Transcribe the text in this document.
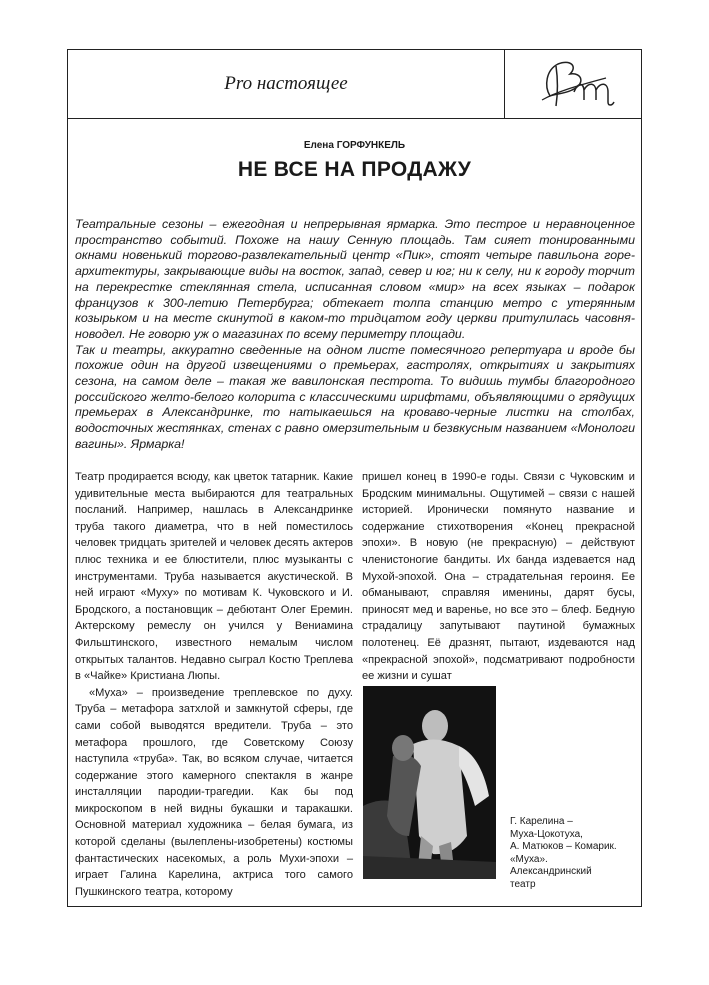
Pro настоящее
Елена ГОРФУНКЕЛЬ
НЕ ВСЕ НА ПРОДАЖУ

Театральные сезоны – ежегодная и непрерывная ярмарка. Это пестрое и неравноценное пространство событий. Похоже на нашу Сенную площадь. Там сияет тонированными окнами новенький торгово-развлекательный центр «Пик», стоят четыре павильона горе-архитектуры, закрывающие виды на восток, запад, север и юг; ни к селу, ни к городу торчит на перекрестке стеклянная стела, исписанная словом «мир» на всех языках – подарок французов к 300-летию Петербурга; обтекает толпа станцию метро с утерянным козырьком и на месте скинутой в каком-то тридцатом году церкви притулилась часовня-новодел. Не говорю уж о магазинах по всему периметру площади.

Так и театры, аккуратно сведенные на одном листе помесячного репертуара и вроде бы похожие один на другой извещениями о премьерах, гастролях, открытиях и закрытиях сезона, на самом деле – такая же вавилонская пестрота. То видишь тумбы благородного российского желто-белого колорита с классическими шрифтами, объявляющими о грядущих премьерах в Александринке, то натыкаешься на кроваво-черные листки на столбах, водосточных жестянках, стенах с равно омерзительным и безвкусным названием «Монологи вагины». Ярмарка!

Театр продирается всюду, как цветок татарник. Какие удивительные места выбираются для театральных посланий. Например, нашлась в Александринке труба такого диаметра, что в ней поместилось человек тридцать зрителей и человек десять актеров плюс техника и ее блюстители, плюс музыканты с инструментами. Труба называется акустической. В ней играют «Муху» по мотивам К. Чуковского и И. Бродского, а постановщик – дебютант Олег Еремин. Актерскому ремеслу он учился у Вениамина Фильштинского, известного немалым числом открытых талантов. Недавно сыграл Костю Треплева в «Чайке» Кристиана Люпы.

«Муха» – произведение треплевское по духу. Труба – метафора затхлой и замкнутой сферы, где сами собой выводятся вредители. Труба – это метафора прошлого, где Советскому Союзу наступила «труба». Так, во всяком случае, читается содержание этого камерного спектакля в жанре инсталляции пародии-трагедии. Как бы под микроскопом в ней видны букашки и таракашки. Основной материал художника – белая бумага, из которой сделаны (вылеплены-изобретены) костюмы фантастических насекомых, а роль Мухи-эпохи – играет Галина Карелина, актриса того самого Пушкинского театра, которому

пришел конец в 1990-е годы. Связи с Чуковским и Бродским минимальны. Ощутимей – связи с нашей историей. Иронически помянуто название и содержание стихотворения «Конец прекрасной эпохи». В новую (не прекрасную) – действуют членистоногие бандиты. Их банда издевается над Мухой-эпохой. Она – страдательная героиня. Ее обманывают, справляя именины, дарят бусы, приносят мед и варенье, но все это – блеф. Бедную страдалицу запутывают паутиной бумажных полотенец. Её дразнят, пытают, издеваются над «прекрасной эпохой», подсматривают подробности ее жизни и сушат

Г. Карелина –
Муха-Цокотуха,
А. Матюков – Комарик.
«Муха».
Александринский
театр
